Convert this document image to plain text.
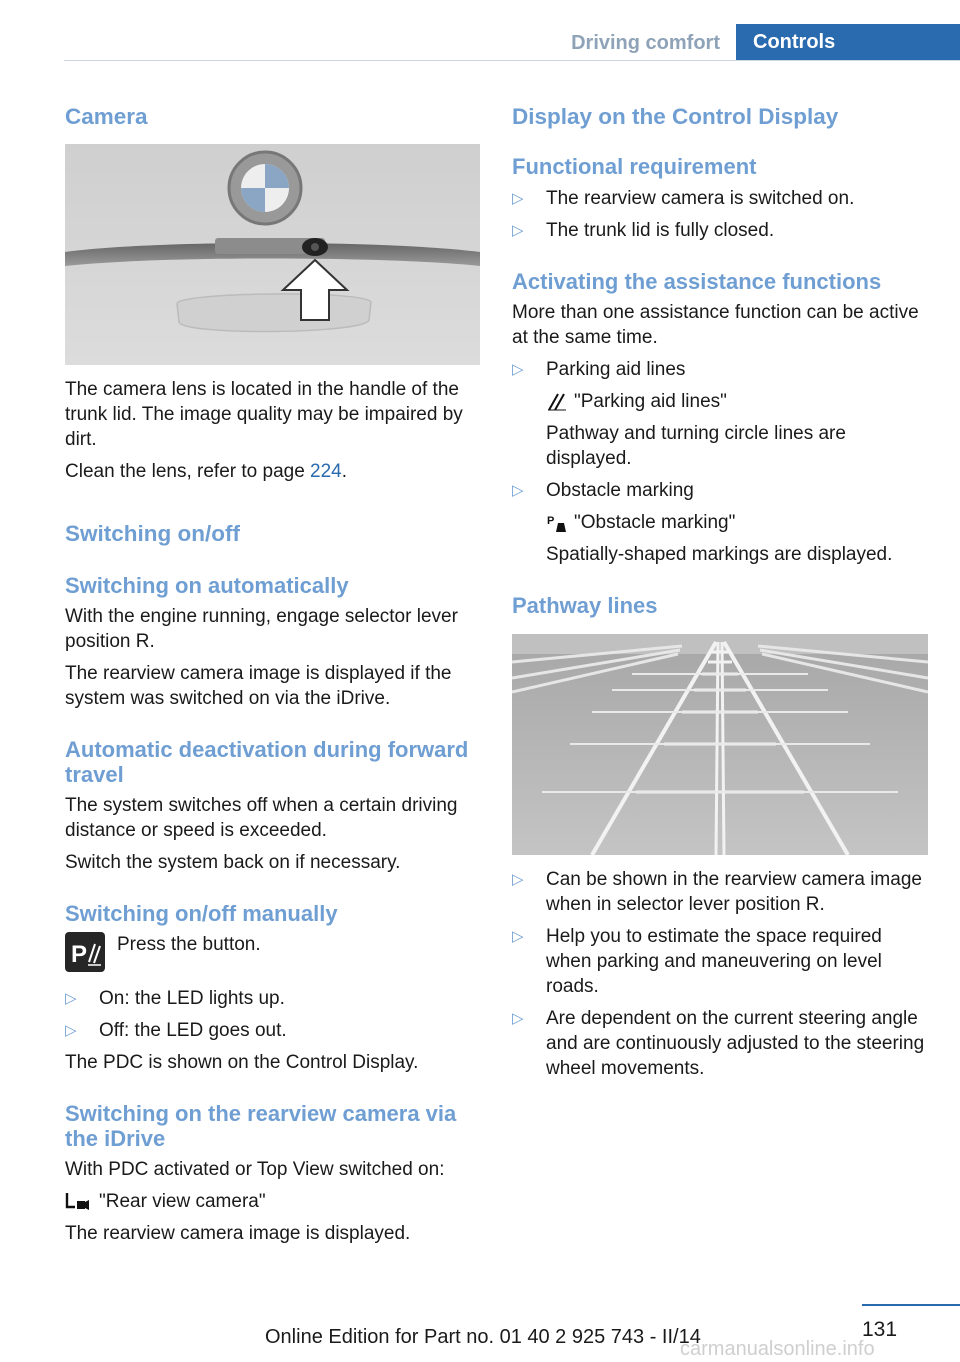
Driving comfort	Controls
Camera

The camera lens is located in the handle of the trunk lid. The image quality may be impaired by dirt.

Clean the lens, refer to page 224.

Switching on/off
Switching on automatically

With the engine running, engage selector lever position R.

The rearview camera image is displayed if the system was switched on via the iDrive.

Automatic deactivation during forward travel

The system switches off when a certain driving distance or speed is exceeded.

Switch the system back on if necessary.

Switching on/off manually
P Press the button.

▷ On: the LED lights up.
▷ Off: the LED goes out.

The PDC is shown on the Control Display.

Switching on the rearview camera via the iDrive

With PDC activated or Top View switched on:

"Rear view camera"

The rearview camera image is displayed.

Display on the Control Display
Functional requirement
▷ The rearview camera is switched on.
▷ The trunk lid is fully closed.
Activating the assistance functions

More than one assistance function can be active at the same time.

▷ Parking aid lines
"Parking aid lines"
Pathway and turning circle lines are displayed.
▷ Obstacle marking
P "Obstacle marking"
Spatially-shaped markings are displayed.
Pathway lines
▷ Can be shown in the rearview camera image when in selector lever position R.
▷ Help you to estimate the space required when parking and maneuvering on level roads.
▷ Are dependent on the current steering angle and are continuously adjusted to the steering wheel movements.
131
Online Edition for Part no. 01 40 2 925 743 - II/14
carmanualsonline.info
